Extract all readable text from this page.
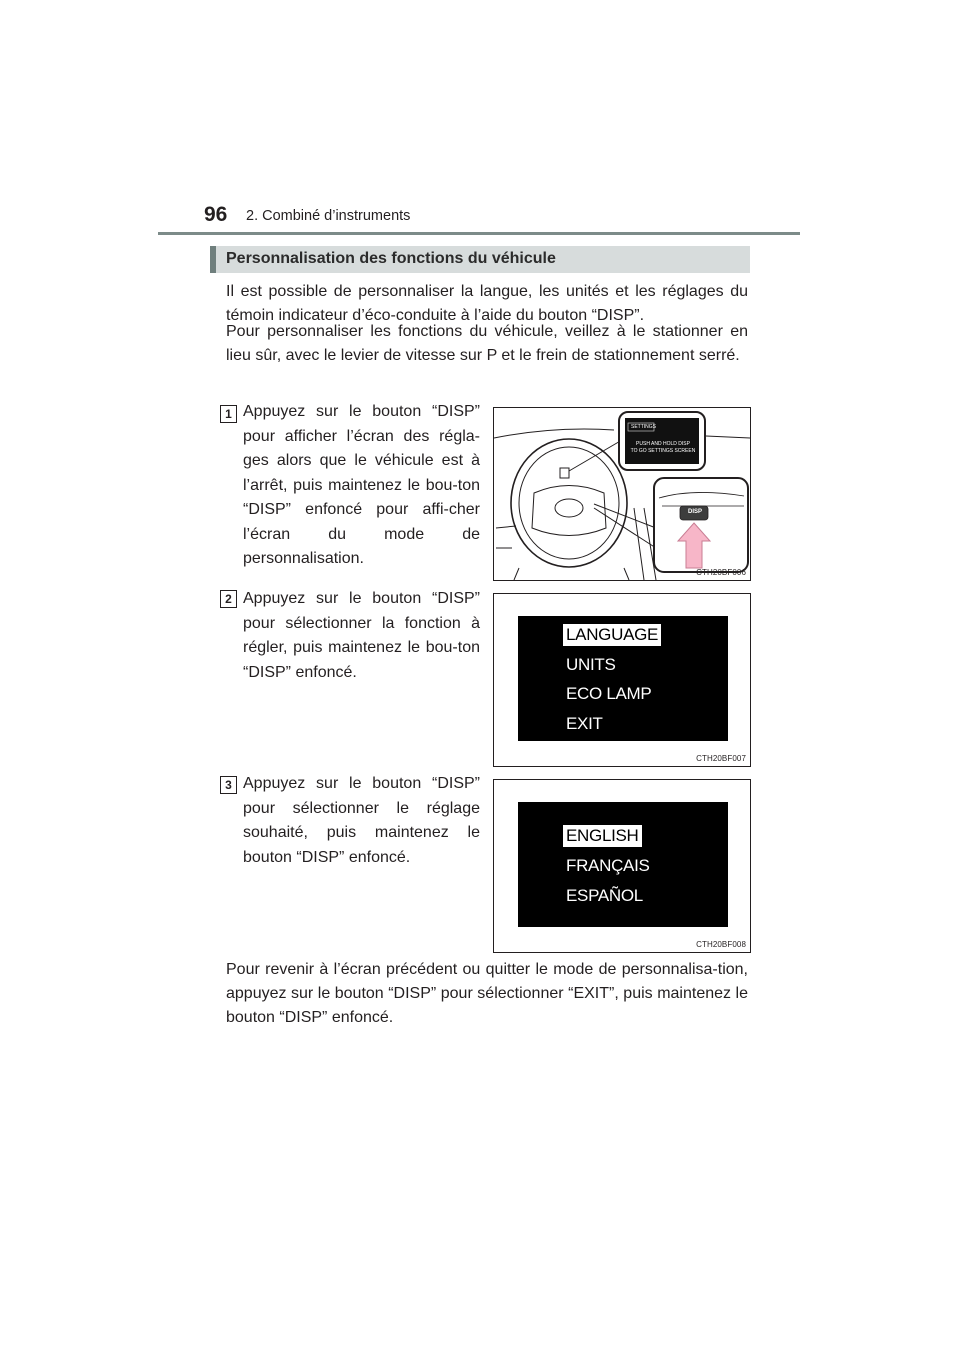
96 2. Combiné d’instruments
Personnalisation des fonctions du véhicule
Il est possible de personnaliser la langue, les unités et les réglages du témoin indicateur d’éco-conduite à l’aide du bouton “DISP”.
Pour personnaliser les fonctions du véhicule, veillez à le stationner en lieu sûr, avec le levier de vitesse sur P et le frein de stationnement serré.
1 Appuyez sur le bouton “DISP” pour afficher l’écran des régla-ges alors que le véhicule est à l’arrêt, puis maintenez le bou-ton “DISP” enfoncé pour affi-cher l’écran du mode de personnalisation.
SETTINGS
PUSH AND HOLD DISP
TO GO SETTINGS SCREEN
DISP
CTH20BF006
2 Appuyez sur le bouton “DISP” pour sélectionner la fonction à régler, puis maintenez le bou-ton “DISP” enfoncé.
LANGUAGE
UNITS
ECO LAMP
EXIT
CTH20BF007
3 Appuyez sur le bouton “DISP” pour sélectionner le réglage souhaité, puis maintenez le bouton “DISP” enfoncé.
ENGLISH
FRANÇAIS
ESPAÑOL
CTH20BF008
Pour revenir à l’écran précédent ou quitter le mode de personnalisa-tion, appuyez sur le bouton “DISP” pour sélectionner “EXIT”, puis maintenez le bouton “DISP” enfoncé.
